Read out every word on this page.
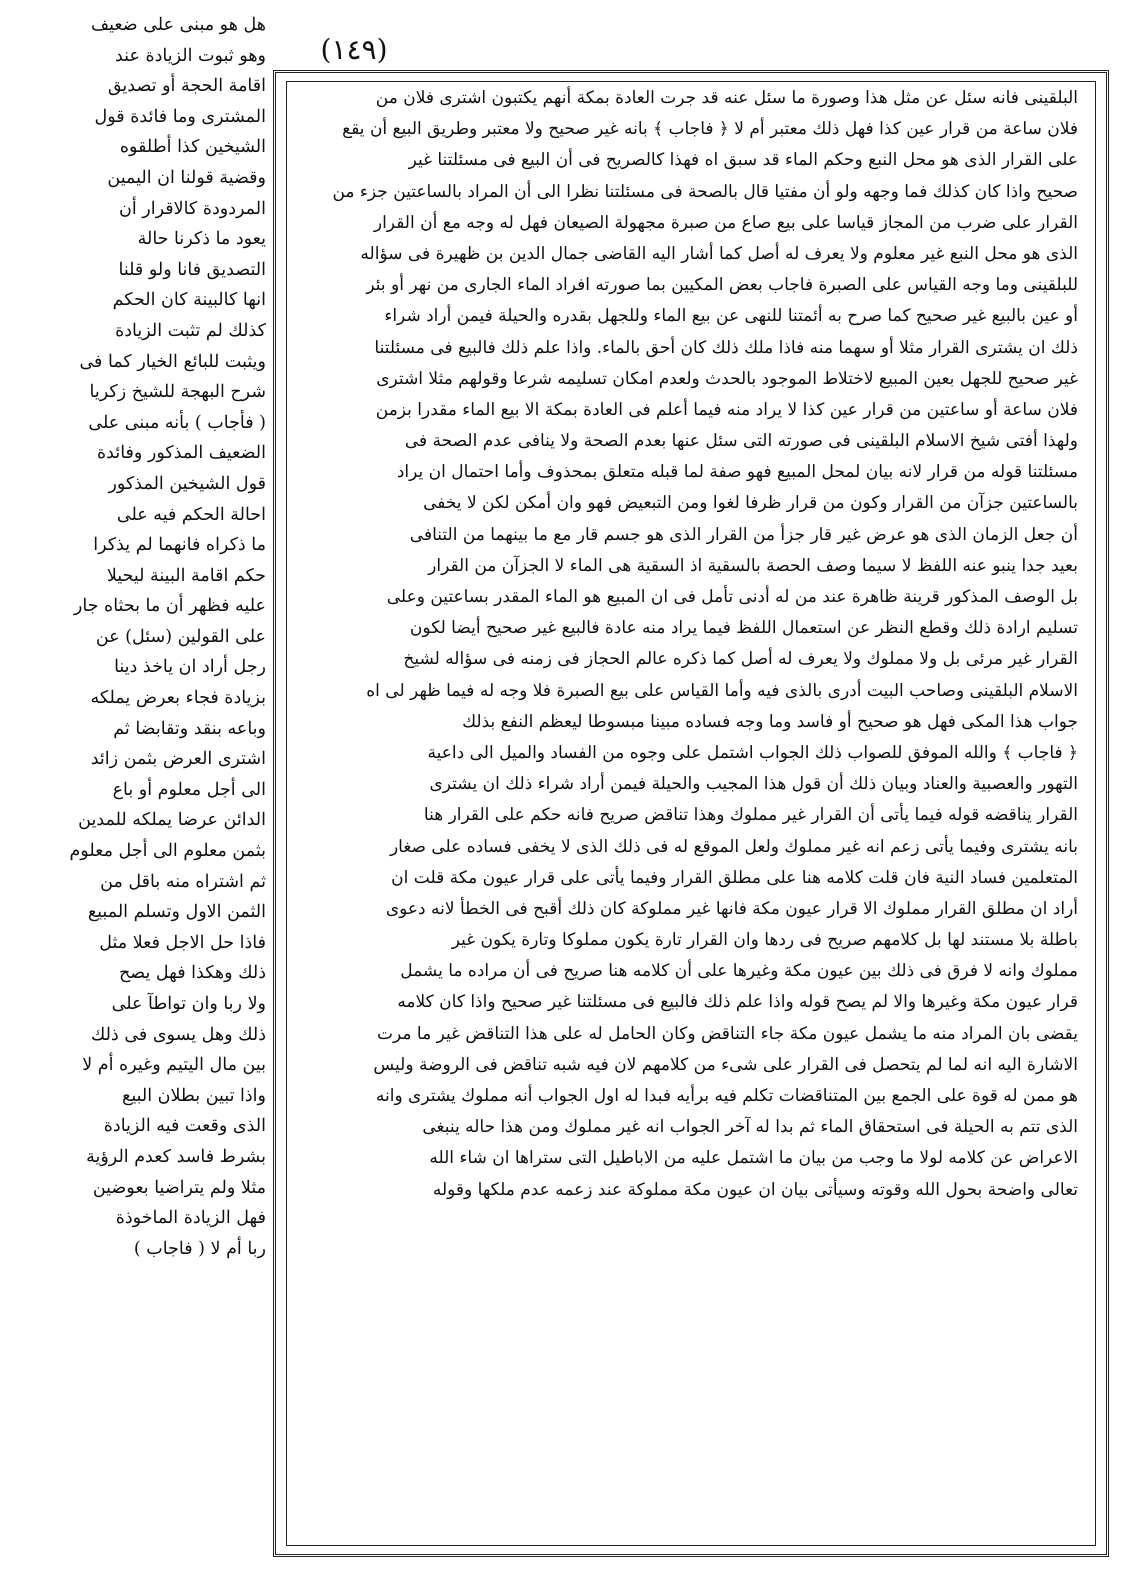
(١٤٩)
هل هو مبنى على ضعيف
وهو ثبوت الزيادة عند
اقامة الحجة أو تصديق
المشترى وما فائدة قول
الشيخين كذا أطلقوه
وقضية قولنا ان اليمين
المردودة كالاقرار أن
يعود ما ذكرنا حالة
التصديق فانا ولو قلنا
انها كالبينة كان الحكم
كذلك لم تثبت الزيادة
ويثبت للبائع الخيار كما فى
شرح البهجة للشيخ زكريا
( فأجاب ) بأنه مبنى على
الضعيف المذكور وفائدة
قول الشيخين المذكور
احالة الحكم فيه على
ما ذكراه فانهما لم يذكرا
حكم اقامة البينة ليحيلا
عليه فظهر أن ما بحثاه جار
على القولين (سئل) عن
رجل أراد ان ياخذ دينا
بزيادة فجاء بعرض يملكه
وباعه بنقد وتقابضا ثم
اشترى العرض بثمن زائد
الى أجل معلوم أو باع
الدائن عرضا يملكه للمدين
بثمن معلوم الى أجل معلوم
ثم اشتراه منه باقل من
الثمن الاول وتسلم المبيع
فاذا حل الاجل فعلا مثل
ذلك وهكذا فهل يصح
ولا ربا وان تواطآ على
ذلك وهل يسوى فى ذلك
بين مال اليتيم وغيره أم لا
واذا تبين بطلان البيع
الذى وقعت فيه الزيادة
بشرط فاسد كعدم الرؤية
مثلا ولم يتراضيا بعوضين
فهل الزيادة الماخوذة
ربا أم لا ( فاجاب )
البلقينى فانه سئل عن مثل هذا وصورة ما سئل عنه قد جرت العادة بمكة أنهم يكتبون اشترى فلان من
فلان ساعة من قرار عين كذا فهل ذلك معتبر أم لا ﴿ فاجاب ﴾ بانه غير صحيح ولا معتبر وطريق البيع أن يقع
على القرار الذى هو محل النبع وحكم الماء قد سبق اه فهذا كالصريح فى أن البيع فى مسئلتنا غير
صحيح واذا كان كذلك فما وجهه ولو أن مفتيا قال بالصحة فى مسئلتنا نظرا الى أن المراد بالساعتين جزء من
القرار على ضرب من المجاز قياسا على بيع صاع من صبرة مجهولة الصيعان فهل له وجه مع أن القرار
الذى هو محل النبع غير معلوم ولا يعرف له أصل كما أشار اليه القاضى جمال الدين بن ظهيرة فى سؤاله
للبلقينى وما وجه القياس على الصبرة فاجاب بعض المكيين بما صورته افراد الماء الجارى من نهر أو بئر
أو عين بالبيع غير صحيح كما صرح به أئمتنا للنهى عن بيع الماء وللجهل بقدره والحيلة فيمن أراد شراء
ذلك ان يشترى القرار مثلا أو سهما منه فاذا ملك ذلك كان أحق بالماء. واذا علم ذلك فالبيع فى مسئلتنا
غير صحيح للجهل بعين المبيع لاختلاط الموجود بالحدث ولعدم امكان تسليمه شرعا وقولهم مثلا اشترى
فلان ساعة أو ساعتين من قرار عين كذا لا يراد منه فيما أعلم فى العادة بمكة الا بيع الماء مقدرا بزمن
ولهذا أفتى شيخ الاسلام البلقينى فى صورته التى سئل عنها بعدم الصحة ولا ينافى عدم الصحة فى
مسئلتنا قوله من قرار لانه بيان لمحل المبيع فهو صفة لما قبله متعلق بمحذوف وأما احتمال ان يراد
بالساعتين جزآن من القرار وكون من قرار ظرفا لغوا ومن التبعيض فهو وان أمكن لكن لا يخفى
أن جعل الزمان الذى هو عرض غير قار جزأ من القرار الذى هو جسم قار مع ما بينهما من التنافى
بعيد جدا ينبو عنه اللفظ لا سيما وصف الحصة بالسقية اذ السقية هى الماء لا الجزآن من القرار
بل الوصف المذكور قرينة ظاهرة عند من له أدنى تأمل فى ان المبيع هو الماء المقدر بساعتين وعلى
تسليم ارادة ذلك وقطع النظر عن استعمال اللفظ فيما يراد منه عادة فالبيع غير صحيح أيضا لكون
القرار غير مرئى بل ولا مملوك ولا يعرف له أصل كما ذكره عالم الحجاز فى زمنه فى سؤاله لشيخ
الاسلام البلقينى وصاحب البيت أدرى بالذى فيه وأما القياس على بيع الصبرة فلا وجه له فيما ظهر لى اه
جواب هذا المكى فهل هو صحيح أو فاسد وما وجه فساده مبينا مبسوطا ليعظم النفع بذلك
﴿ فاجاب ﴾ والله الموفق للصواب ذلك الجواب اشتمل على وجوه من الفساد والميل الى داعية
التهور والعصبية والعناد وبيان ذلك أن قول هذا المجيب والحيلة فيمن أراد شراء ذلك ان يشترى
القرار يناقضه قوله فيما يأتى أن القرار غير مملوك وهذا تناقض صريح فانه حكم على القرار هنا
بانه يشترى وفيما يأتى زعم انه غير مملوك ولعل الموقع له فى ذلك الذى لا يخفى فساده على صغار
المتعلمين فساد النية فان قلت كلامه هنا على مطلق القرار وفيما يأتى على قرار عيون مكة قلت ان
أراد ان مطلق القرار مملوك الا قرار عيون مكة فانها غير مملوكة كان ذلك أقبح فى الخطأ لانه دعوى
باطلة بلا مستند لها بل كلامهم صريح فى ردها وان القرار تارة يكون مملوكا وتارة يكون غير
مملوك وانه لا فرق فى ذلك بين عيون مكة وغيرها على أن كلامه هنا صريح فى أن مراده ما يشمل
قرار عيون مكة وغيرها والا لم يصح قوله واذا علم ذلك فالبيع فى مسئلتنا غير صحيح واذا كان كلامه
يقضى بان المراد منه ما يشمل عيون مكة جاء التناقض وكان الحامل له على هذا التناقض غير ما مرت
الاشارة اليه انه لما لم يتحصل فى القرار على شىء من كلامهم لان فيه شبه تناقض فى الروضة وليس
هو ممن له قوة على الجمع بين المتناقضات تكلم فيه برأيه فبدا له اول الجواب أنه مملوك يشترى وانه
الذى تتم به الحيلة فى استحقاق الماء ثم بدا له آخر الجواب انه غير مملوك ومن هذا حاله ينبغى
الاعراض عن كلامه لولا ما وجب من بيان ما اشتمل عليه من الاباطيل التى ستراها ان شاء الله
تعالى واضحة بحول الله وقوته وسيأتى بيان ان عيون مكة مملوكة عند زعمه عدم ملكها وقوله
